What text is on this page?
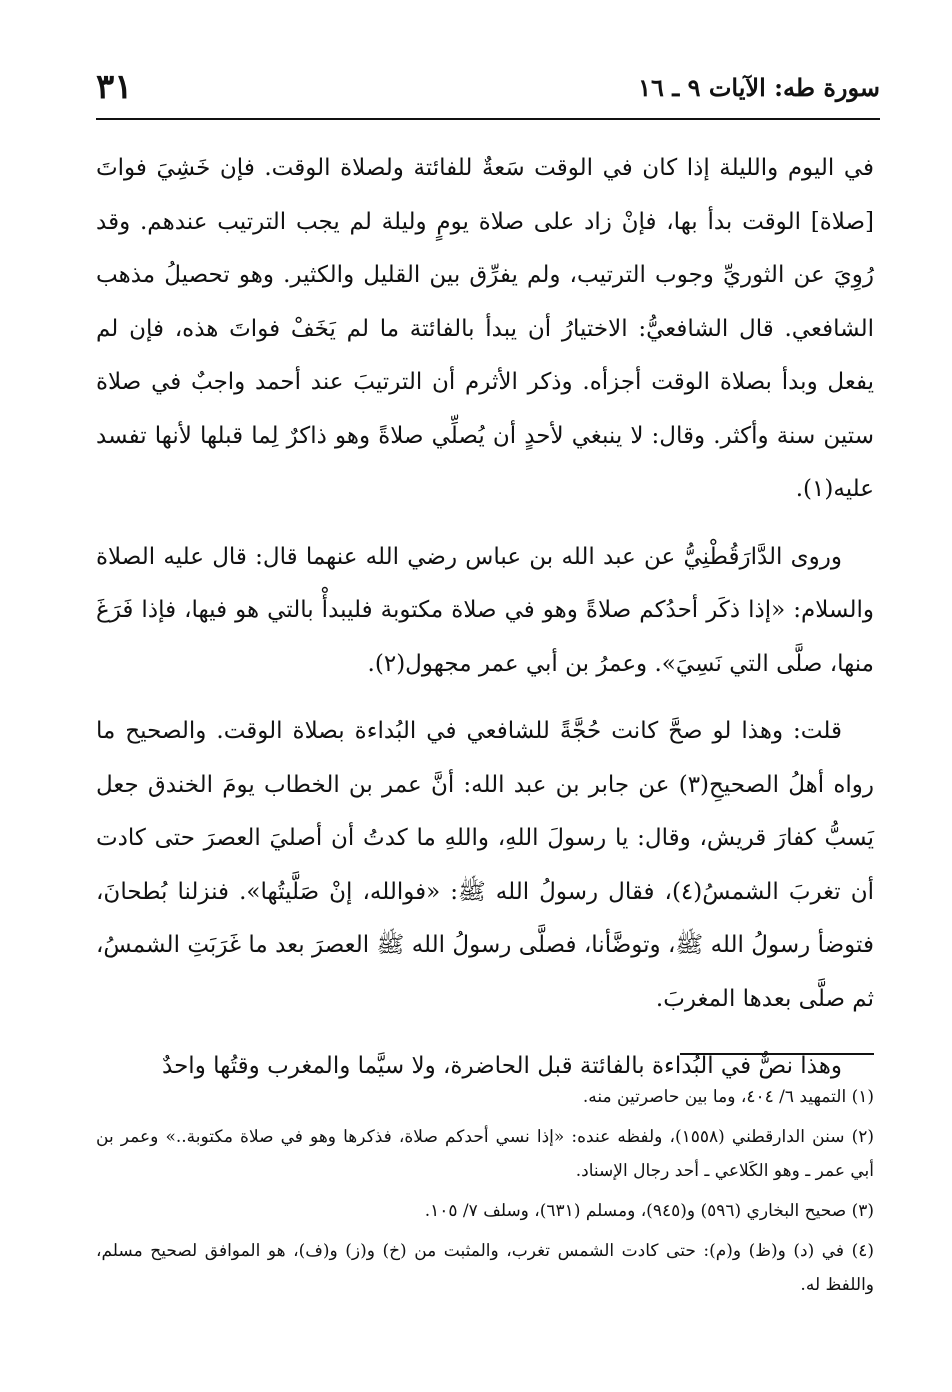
سورة طه: الآيات ٩ ـ ١٦
٣١

في اليوم والليلة إذا كان في الوقت سَعةٌ للفائتة ولصلاة الوقت. فإن خَشِيَ فواتَ [صلاة] الوقت بدأ بها، فإنْ زاد على صلاة يومٍ وليلة لم يجب الترتيب عندهم. وقد رُوِيَ عن الثوريِّ وجوب الترتيب، ولم يفرِّق بين القليل والكثير. وهو تحصيلُ مذهب الشافعي. قال الشافعيُّ: الاختيارُ أن يبدأ بالفائتة ما لم يَخَفْ فواتَ هذه، فإن لم يفعل وبدأ بصلاة الوقت أجزأه. وذكر الأثرم أن الترتيبَ عند أحمد واجبٌ في صلاة ستين سنة وأكثر. وقال: لا ينبغي لأحدٍ أن يُصلِّي صلاةً وهو ذاكرٌ لِما قبلها لأنها تفسد عليه(١).

وروى الدَّارَقُطْنِيُّ عن عبد الله بن عباس رضي الله عنهما قال: قال عليه الصلاة والسلام: «إذا ذكَر أحدُكم صلاةً وهو في صلاة مكتوبة فليبدأْ بالتي هو فيها، فإذا فَرَغَ منها، صلَّى التي نَسِيَ». وعمرُ بن أبي عمر مجهول(٢).

قلت: وهذا لو صحَّ كانت حُجَّةً للشافعي في البُداءة بصلاة الوقت. والصحيح ما رواه أهلُ الصحيحِ(٣) عن جابر بن عبد الله: أنَّ عمر بن الخطاب يومَ الخندق جعل يَسبُّ كفارَ قريش، وقال: يا رسولَ اللهِ، واللهِ ما كدتُ أن أصليَ العصرَ حتى كادت أن تغربَ الشمسُ(٤)، فقال رسولُ الله ﷺ: «فوالله، إنْ صَلَّيتُها». فنزلنا بُطحانَ، فتوضأ رسولُ الله ﷺ، وتوضَّأنا، فصلَّى رسولُ الله ﷺ العصرَ بعد ما غَرَبَتِ الشمسُ، ثم صلَّى بعدها المغربَ.

وهذا نصٌّ في البُداءة بالفائتة قبل الحاضرة، ولا سيَّما والمغرب وقتُها واحدٌ

(١) التمهيد ٦/ ٤٠٤، وما بين حاصرتين منه.
(٢) سنن الدارقطني (١٥٥٨)، ولفظه عنده: «إذا نسي أحدكم صلاة، فذكرها وهو في صلاة مكتوبة..» وعمر بن أبي عمر ـ وهو الكَلاعي ـ أحد رجال الإسناد.
(٣) صحيح البخاري (٥٩٦) و(٩٤٥)، ومسلم (٦٣١)، وسلف ٧/ ١٠٥.
(٤) في (د) و(ظ) و(م): حتى كادت الشمس تغرب، والمثبت من (خ) و(ز) و(ف)، هو الموافق لصحيح مسلم، واللفظ له.
